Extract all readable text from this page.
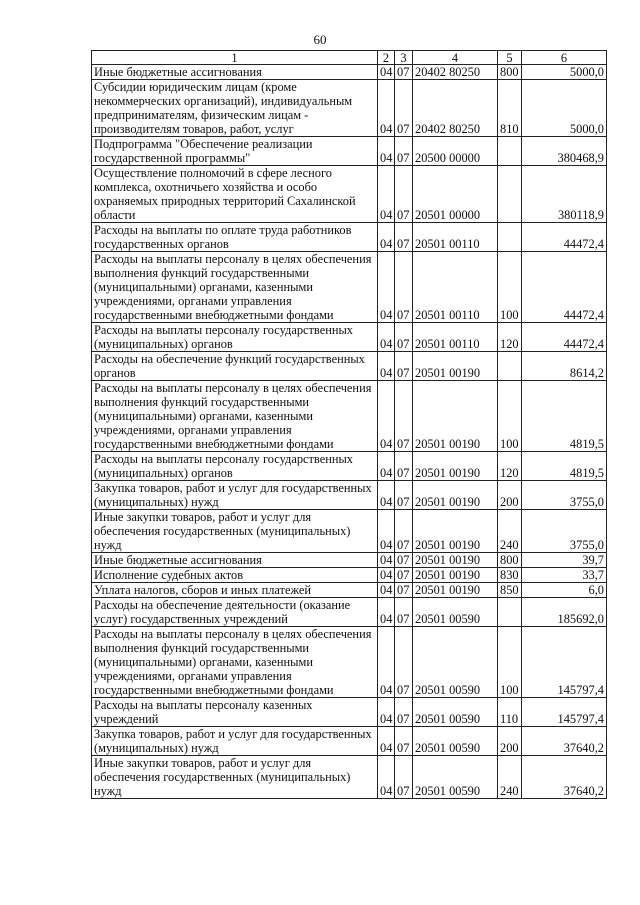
60
1	2	3	4	5	6
Иные бюджетные ассигнования	04	07	20402 80250	800	5000,0
Субсидии юридическим лицам (кроме некоммерческих организаций), индивидуальным предпринимателям, физическим лицам - производителям товаров, работ, услуг	04	07	20402 80250	810	5000,0
Подпрограмма "Обеспечение реализации государственной программы"	04	07	20500 00000		380468,9
Осуществление полномочий в сфере лесного комплекса, охотничьего хозяйства и особо охраняемых природных территорий Сахалинской области	04	07	20501 00000		380118,9
Расходы на выплаты по оплате труда работников государственных органов	04	07	20501 00110		44472,4
Расходы на выплаты персоналу в целях обеспечения выполнения функций государственными (муниципальными) органами, казенными учреждениями, органами управления государственными внебюджетными фондами	04	07	20501 00110	100	44472,4
Расходы на выплаты персоналу государственных (муниципальных) органов	04	07	20501 00110	120	44472,4
Расходы на обеспечение функций государственных органов	04	07	20501 00190		8614,2
Расходы на выплаты персоналу в целях обеспечения выполнения функций государственными (муниципальными) органами, казенными учреждениями, органами управления государственными внебюджетными фондами	04	07	20501 00190	100	4819,5
Расходы на выплаты персоналу государственных (муниципальных) органов	04	07	20501 00190	120	4819,5
Закупка товаров, работ и услуг для государственных (муниципальных) нужд	04	07	20501 00190	200	3755,0
Иные закупки товаров, работ и услуг для обеспечения государственных (муниципальных) нужд	04	07	20501 00190	240	3755,0
Иные бюджетные ассигнования	04	07	20501 00190	800	39,7
Исполнение судебных актов	04	07	20501 00190	830	33,7
Уплата налогов, сборов и иных платежей	04	07	20501 00190	850	6,0
Расходы на обеспечение деятельности (оказание услуг) государственных учреждений	04	07	20501 00590		185692,0
Расходы на выплаты персоналу в целях обеспечения выполнения функций государственными (муниципальными) органами, казенными учреждениями, органами управления государственными внебюджетными фондами	04	07	20501 00590	100	145797,4
Расходы на выплаты персоналу казенных учреждений	04	07	20501 00590	110	145797,4
Закупка товаров, работ и услуг для государственных (муниципальных) нужд	04	07	20501 00590	200	37640,2
Иные закупки товаров, работ и услуг для обеспечения государственных (муниципальных) нужд	04	07	20501 00590	240	37640,2
